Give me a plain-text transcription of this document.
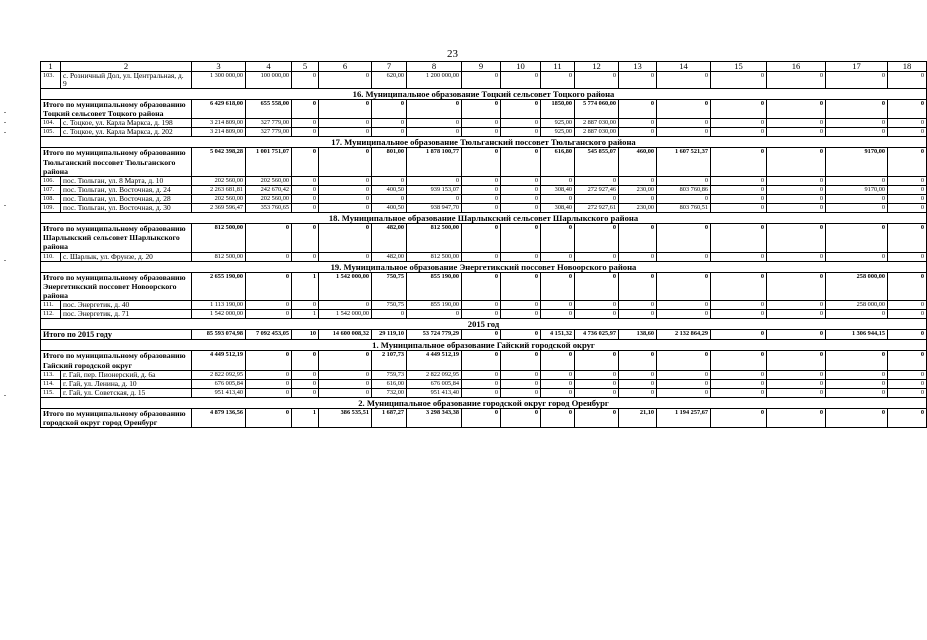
23
1	2	3	4	5	6	7	8	9	10	11	12	13	14	15	16	17	18
103.	с. Розничный Дол, ул. Центральная, д. 9	1 300 000,00	100 000,00	0	0	620,00	1 200 000,00	0	0	0	0	0	0	0	0	0	0
16. Муниципальное образование Тоцкий сельсовет Тоцкого района																	
Итого по муниципальному образованию Тоцкий сельсовет Тоцкого района		6 429 618,00	655 558,00	0	0	0	0	0	0	1850,00	5 774 060,00	0	0	0	0	0	0
104.	с. Тоцкое, ул. Карла Маркса, д. 198	3 214 809,00	327 779,00	0	0	0	0	0	0	925,00	2 887 030,00	0	0	0	0	0	0
105.	с. Тоцкое, ул. Карла Маркса, д. 202	3 214 809,00	327 779,00	0	0	0	0	0	0	925,00	2 887 030,00	0	0	0	0	0	0
17. Муниципальное образование Тюльганский поссовет Тюльганского района																	
Итого по муниципальному образованию Тюльганский поссовет Тюльганского района		5 042 398,28	1 001 751,07	0	0	801,00	1 878 100,77	0	0	616,80	545 855,07	460,00	1 607 521,37	0	0	9170,00	0
106.	пос. Тюльган, ул. 8 Марта, д. 10	202 560,00	202 560,00	0	0	0	0	0	0	0	0	0	0	0	0	0	0
107.	пос. Тюльган, ул. Восточная, д. 24	2 263 681,81	242 670,42	0	0	400,50	939 153,07	0	0	308,40	272 927,46	230,00	803 760,86	0	0	9170,00	0
108.	пос. Тюльган, ул. Восточная, д. 28	202 560,00	202 560,00	0	0	0	0	0	0	0	0	0	0	0	0	0	0
109.	пос. Тюльган, ул. Восточная, д. 30	2 369 596,47	353 760,65	0	0	400,50	938 947,70	0	0	308,40	272 927,61	230,00	803 760,51	0	0	0	0
18. Муниципальное образование Шарлыкский сельсовет Шарлыкского района																	
Итого по муниципальному образованию Шарлыкский сельсовет Шарлыкского района		812 500,00	0	0	0	482,00	812 500,00	0	0	0	0	0	0	0	0	0	0
110.	с. Шарлык, ул. Фрунзе, д. 20	812 500,00	0	0	0	482,00	812 500,00	0	0	0	0	0	0	0	0	0	0
19. Муниципальное образование Энергетикский поссовет Новоорского района																	
Итого по муниципальному образованию Энергетикский поссовет Новоорского района		2 655 190,00	0	1	1 542 000,00	750,75	855 190,00	0	0	0	0	0	0	0	0	258 000,00	0
111.	пос. Энергетик, д. 40	1 113 190,00	0	0	0	750,75	855 190,00	0	0	0	0	0	0	0	0	258 000,00	0
112.	пос. Энергетик, д. 71	1 542 000,00	0	1	1 542 000,00	0	0	0	0	0	0	0	0	0	0	0	0
2015 год																	
Итого по 2015 году		85 593 074,98	7 092 453,05	10	14 600 008,32	29 119,10	53 724 779,29	0	0	4 151,32	4 736 025,97	138,60	2 132 864,29	0	0	1 306 944,15	0
1. Муниципальное образование Гайский городской округ																	
Итого по муниципальному образованию Гайский городской округ		4 449 512,19	0	0	0	2 107,73	4 449 512,19	0	0	0	0	0	0	0	0	0	0
113.	г. Гай, пер. Пионерский, д. 6а	2 822 092,95	0	0	0	759,73	2 822 092,95	0	0	0	0	0	0	0	0	0	0
114.	г. Гай, ул. Ленина, д. 10	676 005,84	0	0	0	616,00	676 005,84	0	0	0	0	0	0	0	0	0	0
115.	г. Гай, ул. Советская, д. 15	951 413,40	0	0	0	732,00	951 413,40	0	0	0	0	0	0	0	0	0	0
2. Муниципальное образование городской округ город Оренбург																	
Итого по муниципальному образованию городской округ город Оренбург		4 879 136,56	0	1	386 535,51	1 687,27	3 298 343,38	0	0	0	0	21,10	1 194 257,67	0	0	0	0
